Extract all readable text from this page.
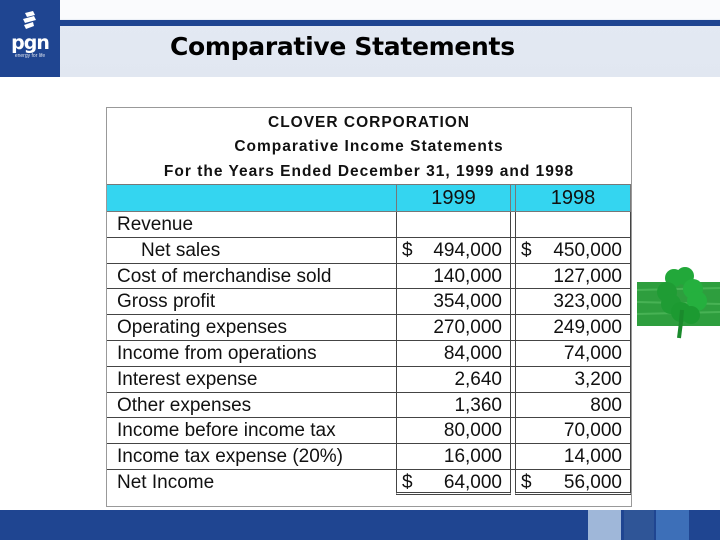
pgn
energy for life	Comparative Statements
CLOVER CORPORATION
Comparative Income Statements
For the Years Ended December 31, 1999 and 1998
1999	1998
Revenue
Net sales	$ 494,000	$ 450,000
Cost of merchandise sold	140,000	127,000
Gross profit	354,000	323,000
Operating expenses	270,000	249,000
Income from operations	84,000	74,000
Interest expense	2,640	3,200
Other expenses	1,360	800
Income before income tax	80,000	70,000
Income tax expense (20%)	16,000	14,000
Net Income	$ 64,000	$ 56,000
